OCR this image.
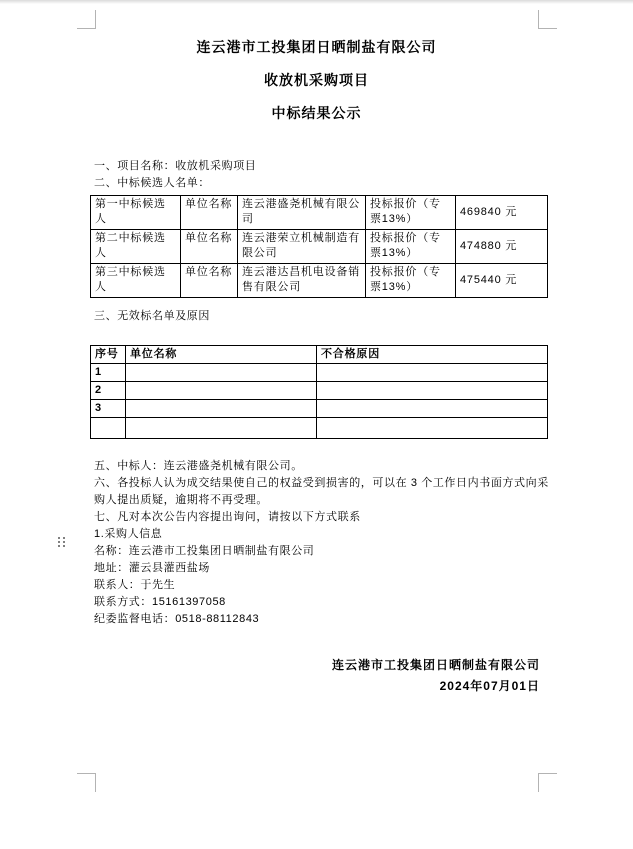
连云港市工投集团日晒制盐有限公司
收放机采购项目
中标结果公示
一、项目名称：收放机采购项目
二、中标候选人名单：
第一中标候选人	单位名称	连云港盛尧机械有限公司	投标报价（专票13%）	469840 元
第二中标候选人	单位名称	连云港荣立机械制造有限公司	投标报价（专票13%）	474880 元
第三中标候选人	单位名称	连云港达昌机电设备销售有限公司	投标报价（专票13%）	475440 元
三、无效标名单及原因
序号	单位名称	不合格原因
1		
2		
3		

五、中标人：连云港盛尧机械有限公司。

六、各投标人认为成交结果使自己的权益受到损害的，可以在 3 个工作日内书面方式向采购人提出质疑，逾期将不再受理。

七、凡对本次公告内容提出询问，请按以下方式联系

1.采购人信息

名称：连云港市工投集团日晒制盐有限公司

地址：灌云县灌西盐场

联系人：于先生

联系方式：15161397058

纪委监督电话：0518-88112843

连云港市工投集团日晒制盐有限公司
2024年07月01日
